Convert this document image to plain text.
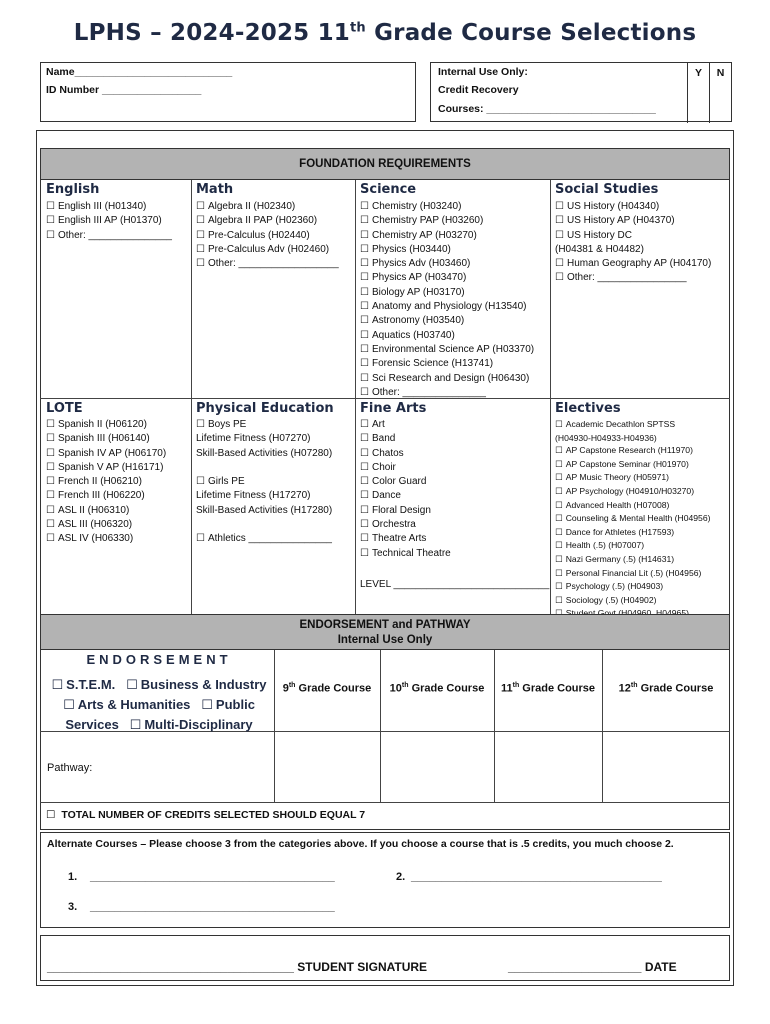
LPHS – 2024-2025 11th Grade Course Selections
Name___________________________
ID Number _________________
Internal Use Only:
Credit Recovery
Courses: _____________________________
Y	N
FOUNDATION REQUIREMENTS
English
☐ English III (H01340)
☐ English III AP (H01370)
☐ Other: _______________
Math
☐ Algebra II (H02340)
☐ Algebra II PAP (H02360)
☐ Pre-Calculus (H02440)
☐ Pre-Calculus Adv (H02460)
☐ Other: __________________
Science
☐ Chemistry (H03240)
☐ Chemistry PAP (H03260)
☐ Chemistry AP (H03270)
☐ Physics (H03440)
☐ Physics Adv (H03460)
☐ Physics AP (H03470)
☐ Biology AP (H03170)
☐ Anatomy and Physiology (H13540)
☐ Astronomy (H03540)
☐ Aquatics (H03740)
☐ Environmental Science AP (H03370)
☐ Forensic Science (H13741)
☐ Sci Research and Design (H06430)
☐ Other: _______________
Social Studies
☐ US History (H04340)
☐ US History AP (H04370)
☐ US History DC
(H04381 & H04482)
☐ Human Geography AP (H04170)
☐ Other: ________________
LOTE
☐ Spanish II (H06120)
☐ Spanish III (H06140)
☐ Spanish IV AP (H06170)
☐ Spanish V AP (H16171)
☐ French II (H06210)
☐ French III (H06220)
☐ ASL II (H06310)
☐ ASL III (H06320)
☐ ASL IV (H06330)
Physical Education
☐ Boys PE
Lifetime Fitness (H07270)
Skill-Based Activities (H07280)

☐ Girls PE
Lifetime Fitness (H17270)
Skill-Based Activities (H17280)

☐ Athletics _______________
Fine Arts
☐ Art
☐ Band
☐ Chatos
☐ Choir
☐ Color Guard
☐ Dance
☐ Floral Design
☐ Orchestra
☐ Theatre Arts
☐ Technical Theatre
LEVEL ____________________________
Electives
☐ Academic Decathlon SPTSS
(H04930-H04933-H04936)
☐ AP Capstone Research (H11970)
☐ AP Capstone Seminar (H01970)
☐ AP Music Theory (H05971)
☐ AP Psychology (H04910/H03270)
☐ Advanced Health (H07008)
☐ Counseling & Mental Health (H04956)
☐ Dance for Athletes (H17593)
☐ Health (.5) (H07007)
☐ Nazi Germany (.5) (H14631)
☐ Personal Financial Lit (.5) (H04956)
☐ Psychology (.5) (H04903)
☐ Sociology (.5) (H04902)
☐
ENDORSEMENT and PATHWAY
Internal Use Only
ENDORSEMENT
☐ S.T.E.M. ☐ Business & Industry
☐ Arts & Humanities ☐ Public
Services ☐ Multi-Disciplinary
9th Grade Course	10th Grade Course	11th Grade Course	12th Grade Course
Pathway:
☐  TOTAL NUMBER OF CREDITS SELECTED SHOULD EQUAL 7
Alternate Courses – Please choose 3 from the categories above. If you choose a course that is .5 credits, you much choose 2.
1. ________________________________________	2. _________________________________________
3. ________________________________________
_____________________________________ STUDENT SIGNATURE	____________________ DATE
